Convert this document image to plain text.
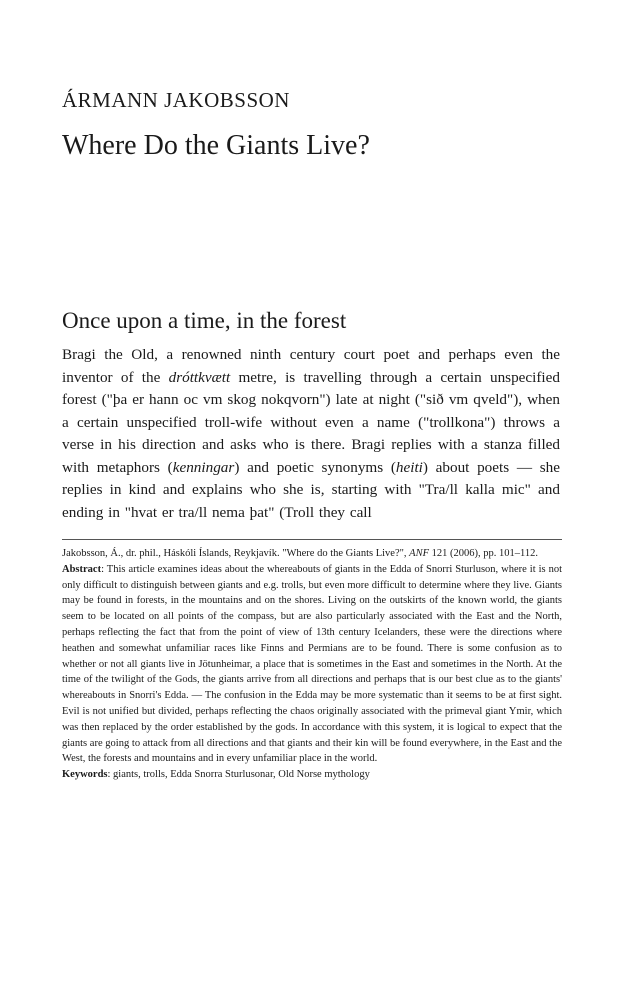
ÁRMANN JAKOBSSON
Where Do the Giants Live?
Once upon a time, in the forest

Bragi the Old, a renowned ninth century court poet and perhaps even the inventor of the dróttkvætt metre, is travelling through a certain unspecified forest ("þa er hann oc vm skog nokqvorn") late at night ("sið vm qveld"), when a certain unspecified troll-wife without even a name ("trollkona") throws a verse in his direction and asks who is there. Bragi replies with a stanza filled with metaphors (kenningar) and poetic synonyms (heiti) about poets — she replies in kind and explains who she is, starting with "Tra/ll kalla mic" and ending in "hvat er tra/ll nema þat" (Troll they call

Jakobsson, Á., dr. phil., Háskóli Íslands, Reykjavík. "Where do the Giants Live?", ANF 121 (2006), pp. 101–112.

Abstract: This article examines ideas about the whereabouts of giants in the Edda of Snorri Sturluson, where it is not only difficult to distinguish between giants and e.g. trolls, but even more difficult to determine where they live. Giants may be found in forests, in the mountains and on the shores. Living on the outskirts of the known world, the giants seem to be located on all points of the compass, but are also particularly associated with the East and the North, perhaps reflecting the fact that from the point of view of 13th century Icelanders, these were the directions where heathen and somewhat unfamiliar races like Finns and Permians are to be found. There is some confusion as to whether or not all giants live in Jötunheimar, a place that is sometimes in the East and sometimes in the North. At the time of the twilight of the Gods, the giants arrive from all directions and perhaps that is our best clue as to the giants' whereabouts in Snorri's Edda. — The confusion in the Edda may be more systematic than it seems to be at first sight. Evil is not unified but divided, perhaps reflecting the chaos originally associated with the primeval giant Ymir, which was then replaced by the order established by the gods. In accordance with this system, it is logical to expect that the giants are going to attack from all directions and that giants and their kin will be found everywhere, in the East and the West, the forests and mountains and in every unfamiliar place in the world.

Keywords: giants, trolls, Edda Snorra Sturlusonar, Old Norse mythology
